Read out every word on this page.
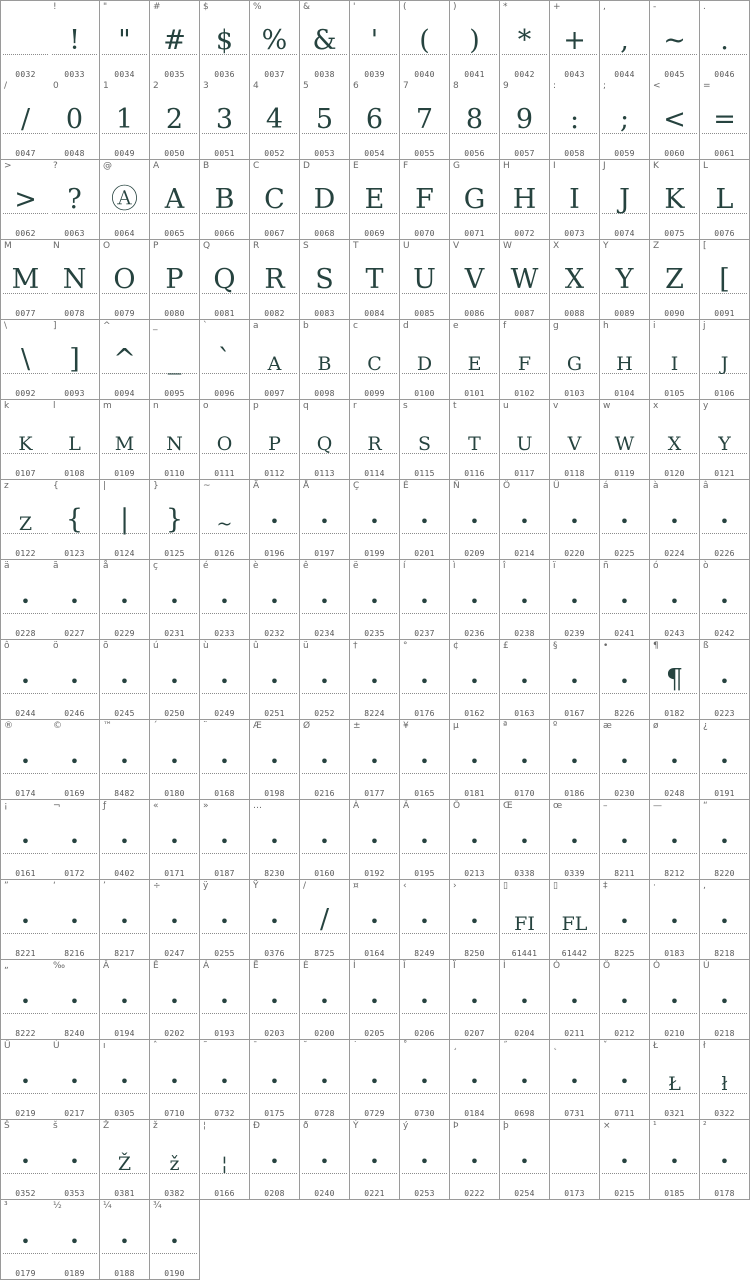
0032
!
!
0033
"
"
0034
#
#
0035
$
$
0036
%
%
0037
&
&
0038
'
'
0039
(
(
0040
)
)
0041
*
*
0042
+
+
0043
,
,
0044
-
~
0045
.
.
0046
/
/
0047
0
0
0048
1
1
0049
2
2
0050
3
3
0051
4
4
0052
5
5
0053
6
6
0054
7
7
0055
8
8
0056
9
9
0057
:
:
0058
;
;
0059
<
<
0060
=
=
0061
>
>
0062
?
?
0063
@
Ⓐ
0064
A
A
0065
B
B
0066
C
C
0067
D
D
0068
E
E
0069
F
F
0070
G
G
0071
H
H
0072
I
I
0073
J
J
0074
K
K
0075
L
L
0076
M
M
0077
N
N
0078
O
O
0079
P
P
0080
Q
Q
0081
R
R
0082
S
S
0083
T
T
0084
U
U
0085
V
V
0086
W
W
0087
X
X
0088
Y
Y
0089
Z
Z
0090
[
[
0091
\
\
0092
]
]
0093
^
^
0094
_
_
0095
`
`
0096
a
A
0097
b
B
0098
c
C
0099
d
D
0100
e
E
0101
f
F
0102
g
G
0103
h
H
0104
i
I
0105
j
J
0106
k
K
0107
l
L
0108
m
M
0109
n
N
0110
o
O
0111
p
P
0112
q
Q
0113
r
R
0114
s
S
0115
t
T
0116
u
U
0117
v
V
0118
w
W
0119
x
X
0120
y
Y
0121
z
Z
0122
{
{
0123
|
|
0124
}
}
0125
~
~
0126
Ä
•
0196
Å
•
0197
Ç
•
0199
É
•
0201
Ñ
•
0209
Ö
•
0214
Ü
•
0220
á
•
0225
à
•
0224
â
•
0226
ä
•
0228
ã
•
0227
å
•
0229
ç
•
0231
é
•
0233
è
•
0232
ê
•
0234
ë
•
0235
í
•
0237
ì
•
0236
î
•
0238
ï
•
0239
ñ
•
0241
ó
•
0243
ò
•
0242
ô
•
0244
ö
•
0246
õ
•
0245
ú
•
0250
ù
•
0249
û
•
0251
ü
•
0252
†
•
8224
°
•
0176
¢
•
0162
£
•
0163
§
•
0167
•
•
8226
¶
¶
0182
ß
•
0223
®
•
0174
©
•
0169
™
•
8482
´
•
0180
¨
•
0168
Æ
•
0198
Ø
•
0216
±
•
0177
¥
•
0165
µ
•
0181
ª
•
0170
º
•
0186
æ
•
0230
ø
•
0248
¿
•
0191
¡
•
0161
¬
•
0172
ƒ
•
0402
«
•
0171
»
•
0187
…
•
8230
•
0160
À
•
0192
Ã
•
0195
Õ
•
0213
Œ
•
0338
œ
•
0339
–
•
8211
—
•
8212
“
•
8220
”
•
8221
‘
•
8216
’
•
8217
÷
•
0247
ÿ
•
0255
Ÿ
•
0376
/
/
8725
¤
•
0164
‹
•
8249
›
•
8250
▯
FI
61441
▯
FL
61442
‡
•
8225
·
•
0183
‚
•
8218
„
•
8222
‰
•
8240
Â
•
0194
Ê
•
0202
Á
•
0193
Ë
•
0203
È
•
0200
Í
•
0205
Î
•
0206
Ï
•
0207
Ì
•
0204
Ó
•
0211
Ô
•
0212
Ò
•
0210
Ú
•
0218
Û
•
0219
Ù
•
0217
ı
•
0305
ˆ
•
0710
˜
•
0732
¯
•
0175
˘
•
0728
˙
•
0729
˚
•
0730
¸
•
0184
˝
•
0698
˛
•
0731
ˇ
•
0711
Ł
Ł
0321
ł
ł
0322
Š
•
0352
š
•
0353
Ž
Ž
0381
ž
ž
0382
¦
¦
0166
Đ
•
0208
ð
•
0240
Ý
•
0221
ý
•
0253
Þ
•
0222
þ
•
0254	0173
×
•
0215
¹
•
0185
²
•
0178
³
•
0179
½
•
0189
¼
•
0188
¾
•
0190
